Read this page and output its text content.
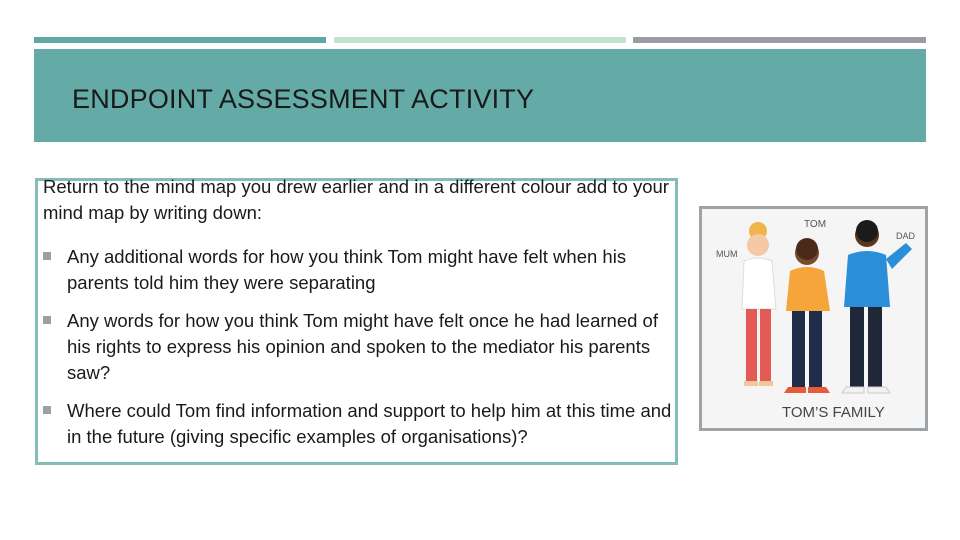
ENDPOINT ASSESSMENT ACTIVITY

Return to the mind map you drew earlier and in a different colour add to your mind map by writing down:

Any additional words for how you think Tom might have felt when his parents told him they were separating
Any words for how you think Tom might have felt once he had learned of his rights to express his opinion and spoken to the mediator his parents saw?
Where could Tom find information and support to help him at this time and in the future (giving specific examples of organisations)?
TOM
MUM
DAD
TOM’S FAMILY
